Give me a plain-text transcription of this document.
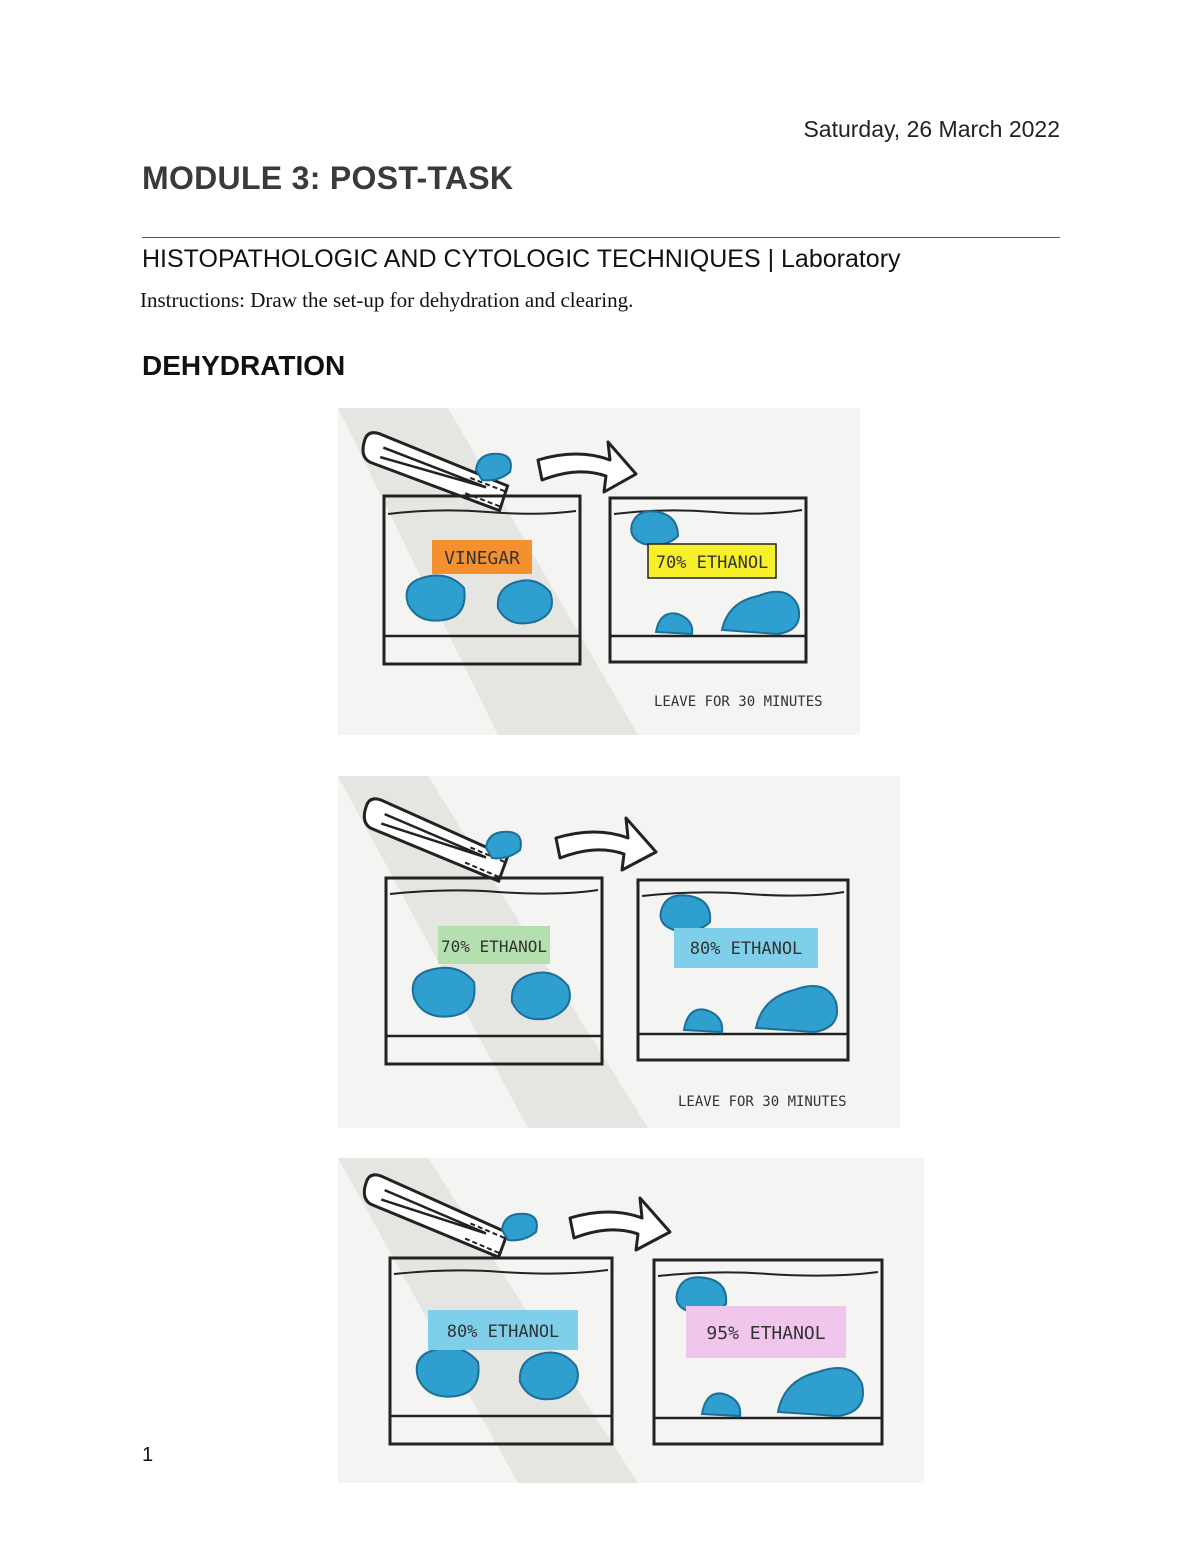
Saturday, 26 March 2022
MODULE 3: POST-TASK
HISTOPATHOLOGIC AND CYTOLOGIC TECHNIQUES | Laboratory
Instructions: Draw the set-up for dehydration and clearing.
DEHYDRATION
VINEGAR	70% ETHANOL
LEAVE FOR 30 MINUTES
70% ETHANOL	80% ETHANOL
LEAVE FOR 30 MINUTES
80% ETHANOL	95% ETHANOL
1
